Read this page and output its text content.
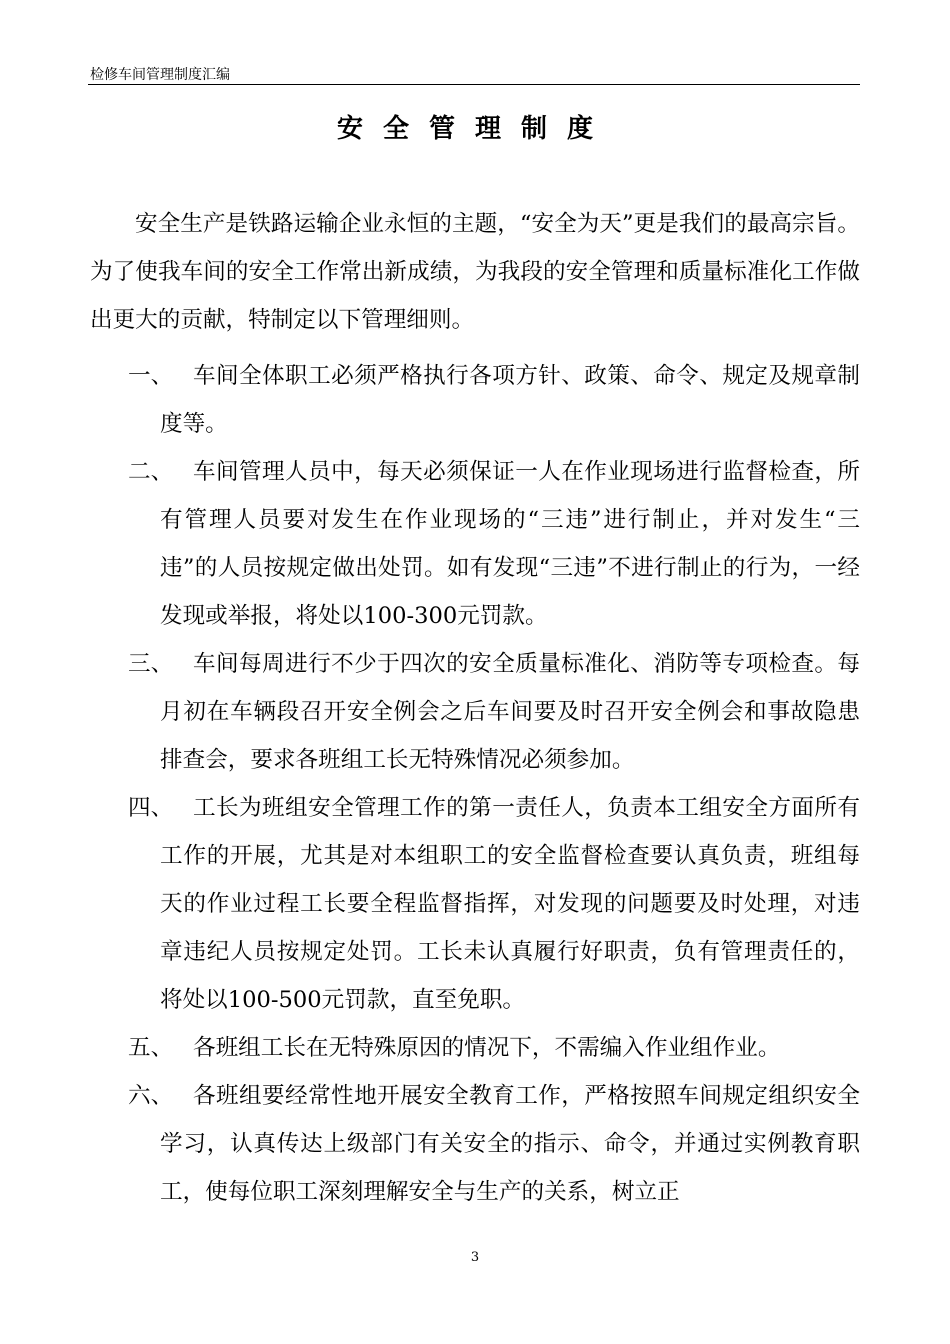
检修车间管理制度汇编
安全管理制度
安全生产是铁路运输企业永恒的主题，“安全为天”更是我们的最高宗旨。为了使我车间的安全工作常出新成绩，为我段的安全管理和质量标准化工作做出更大的贡献，特制定以下管理细则。
一、 车间全体职工必须严格执行各项方针、政策、命令、规定及规章制度等。
二、 车间管理人员中，每天必须保证一人在作业现场进行监督检查，所有管理人员要对发生在作业现场的“三违”进行制止，并对发生“三违”的人员按规定做出处罚。如有发现“三违”不进行制止的行为，一经发现或举报，将处以100-300元罚款。
三、 车间每周进行不少于四次的安全质量标准化、消防等专项检查。每月初在车辆段召开安全例会之后车间要及时召开安全例会和事故隐患排查会，要求各班组工长无特殊情况必须参加。
四、 工长为班组安全管理工作的第一责任人，负责本工组安全方面所有工作的开展，尤其是对本组职工的安全监督检查要认真负责，班组每天的作业过程工长要全程监督指挥，对发现的问题要及时处理，对违章违纪人员按规定处罚。工长未认真履行好职责，负有管理责任的，将处以100-500元罚款，直至免职。
五、 各班组工长在无特殊原因的情况下，不需编入作业组作业。
六、 各班组要经常性地开展安全教育工作，严格按照车间规定组织安全学习，认真传达上级部门有关安全的指示、命令，并通过实例教育职工，使每位职工深刻理解安全与生产的关系，树立正
3
